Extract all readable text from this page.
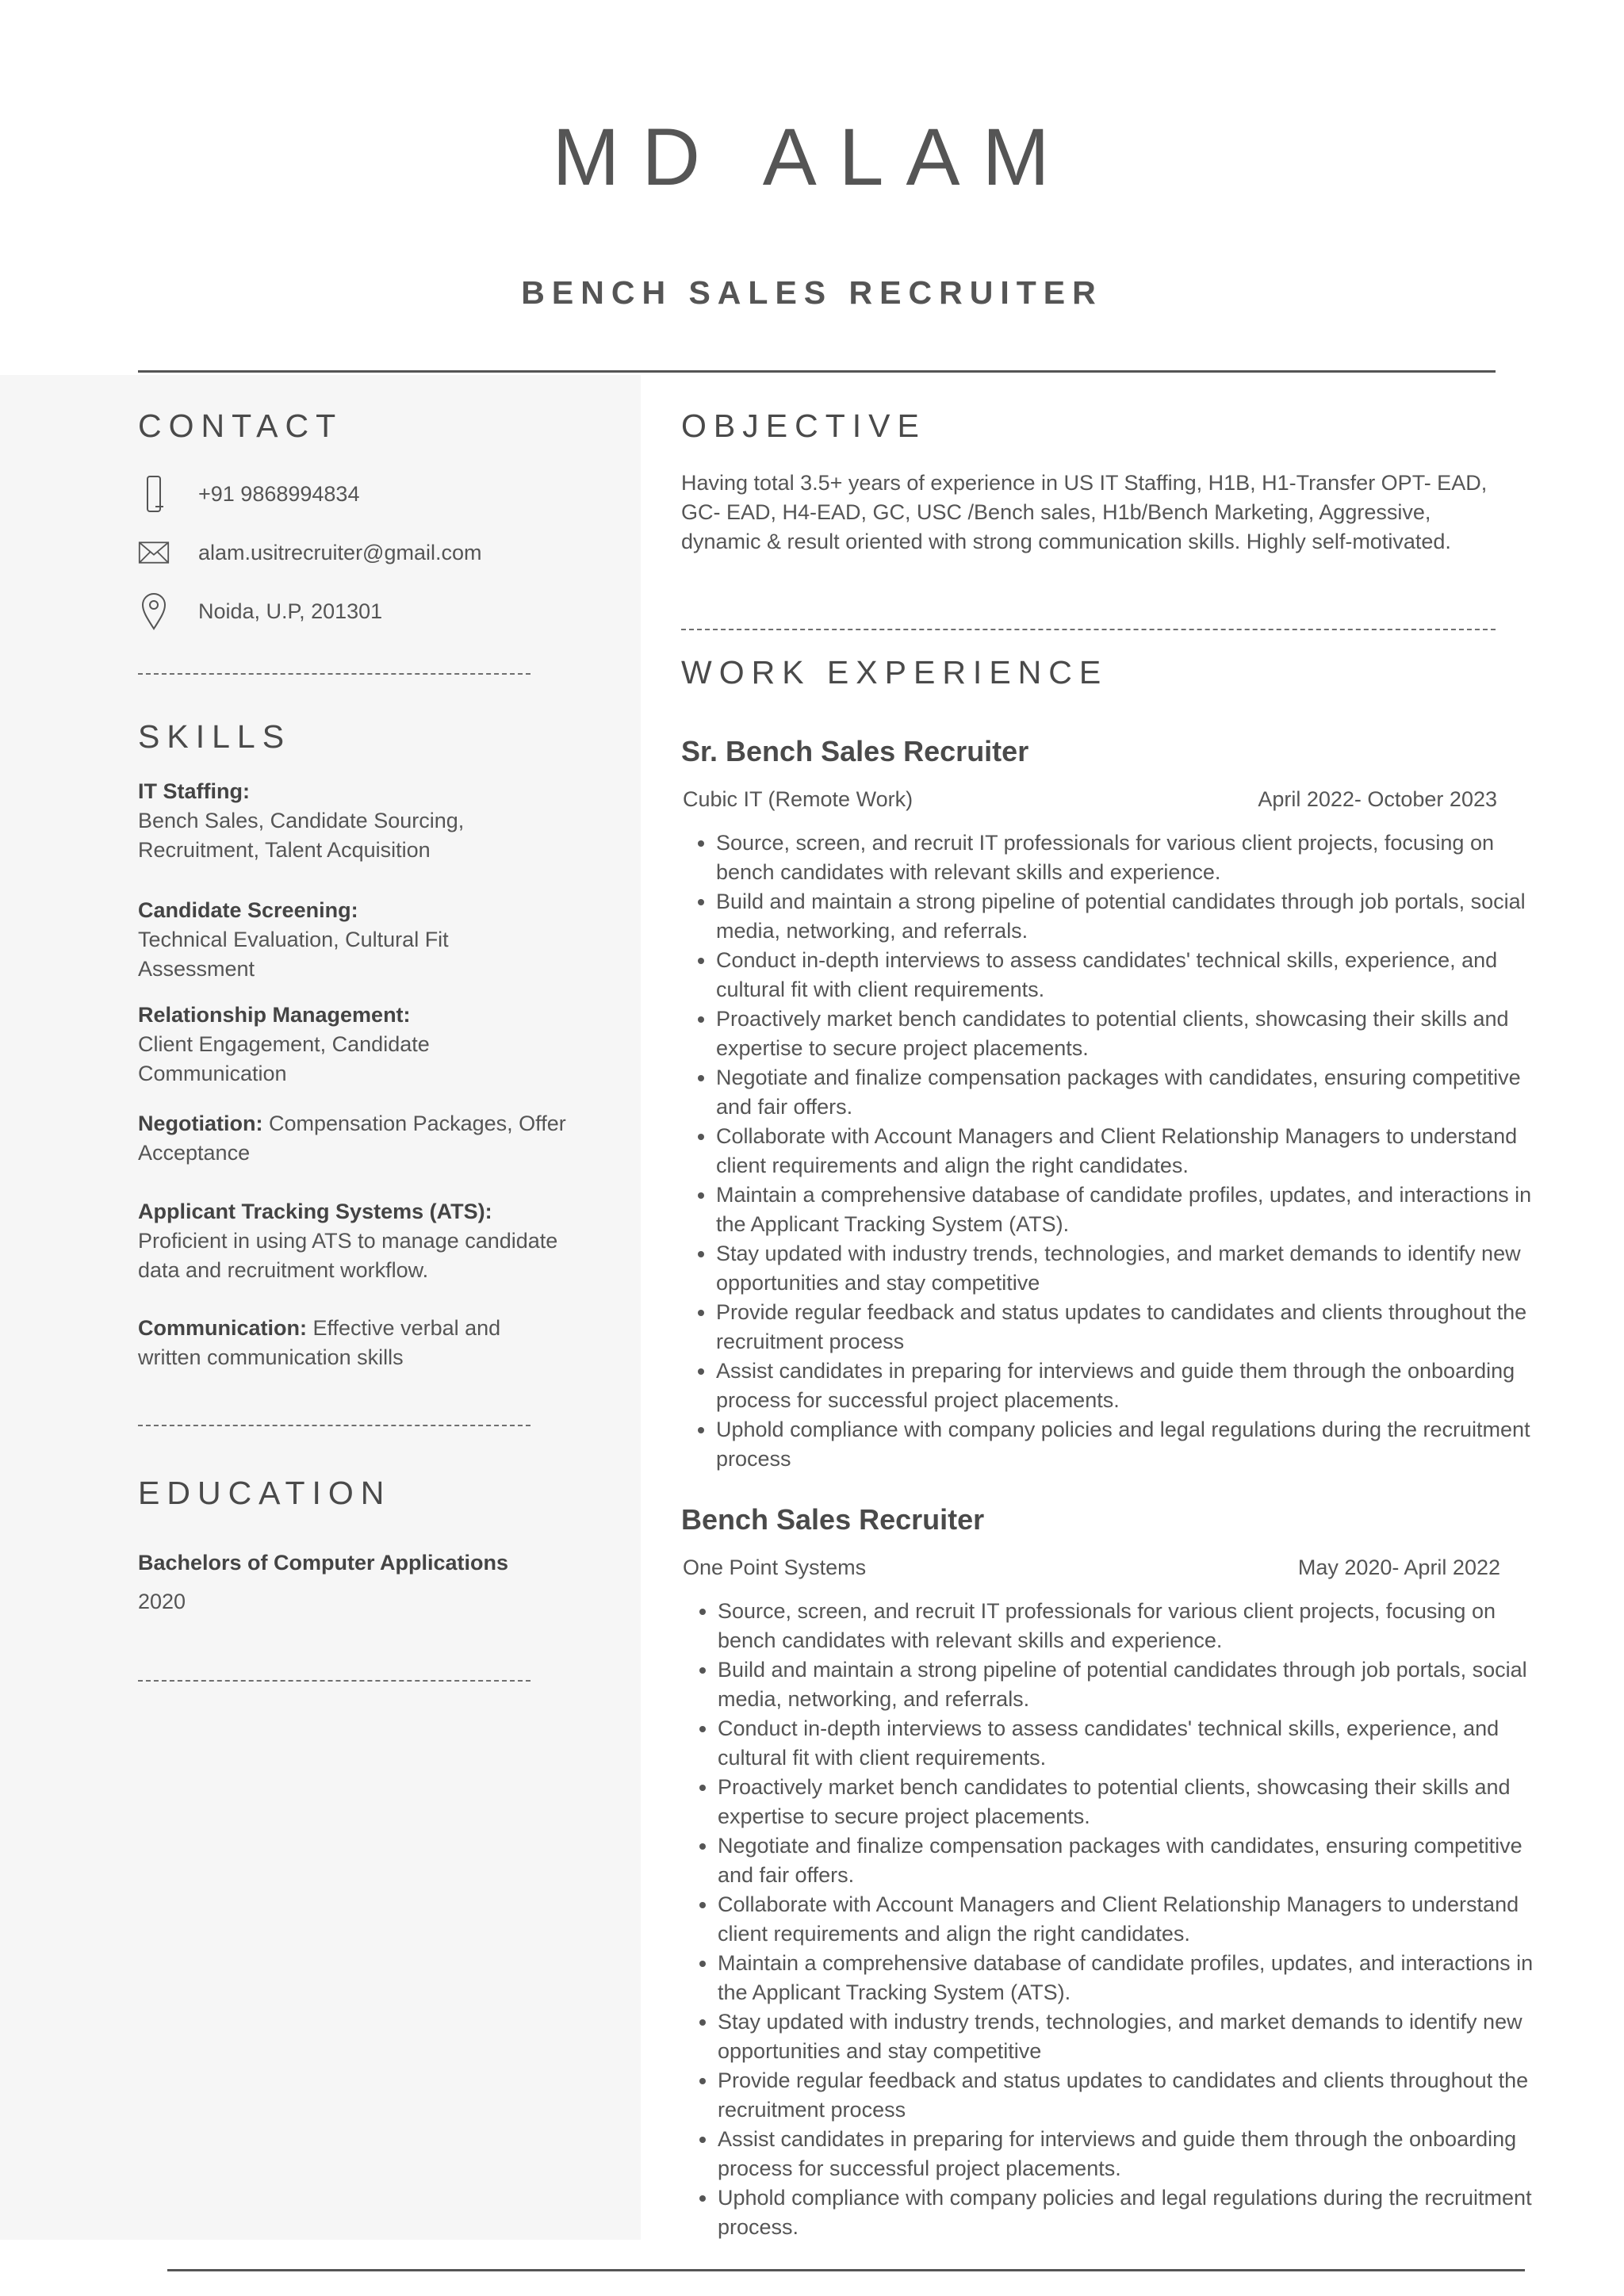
MD ALAM
BENCH SALES RECRUITER
CONTACT
+91 9868994834
alam.usitrecruiter@gmail.com
Noida, U.P, 201301
SKILLS
IT Staffing:
Bench Sales, Candidate Sourcing, Recruitment, Talent Acquisition
Candidate Screening:
Technical Evaluation, Cultural Fit Assessment
Relationship Management:
Client Engagement, Candidate Communication
Negotiation: Compensation Packages, Offer Acceptance
Applicant Tracking Systems (ATS):
Proficient in using ATS to manage candidate data and recruitment workflow.
Communication: Effective verbal and written communication skills
EDUCATION
Bachelors of Computer Applications
2020
OBJECTIVE

Having total 3.5+ years of experience in US IT Staffing, H1B, H1-Transfer OPT- EAD, GC- EAD, H4-EAD, GC, USC /Bench sales, H1b/Bench Marketing, Aggressive, dynamic & result oriented with strong communication skills. Highly self-motivated.

WORK EXPERIENCE
Sr. Bench Sales Recruiter
Cubic IT (Remote Work)	April 2022- October 2023
• Source, screen, and recruit IT professionals for various client projects, focusing on bench candidates with relevant skills and experience.
• Build and maintain a strong pipeline of potential candidates through job portals, social media, networking, and referrals.
• Conduct in-depth interviews to assess candidates' technical skills, experience, and cultural fit with client requirements.
• Proactively market bench candidates to potential clients, showcasing their skills and expertise to secure project placements.
• Negotiate and finalize compensation packages with candidates, ensuring competitive and fair offers.
• Collaborate with Account Managers and Client Relationship Managers to understand client requirements and align the right candidates.
• Maintain a comprehensive database of candidate profiles, updates, and interactions in the Applicant Tracking System (ATS).
• Stay updated with industry trends, technologies, and market demands to identify new opportunities and stay competitive
• Provide regular feedback and status updates to candidates and clients throughout the recruitment process
• Assist candidates in preparing for interviews and guide them through the onboarding process for successful project placements.
• Uphold compliance with company policies and legal regulations during the recruitment process
Bench Sales Recruiter
One Point Systems	May 2020- April 2022
• Source, screen, and recruit IT professionals for various client projects, focusing on bench candidates with relevant skills and experience.
• Build and maintain a strong pipeline of potential candidates through job portals, social media, networking, and referrals.
• Conduct in-depth interviews to assess candidates' technical skills, experience, and cultural fit with client requirements.
• Proactively market bench candidates to potential clients, showcasing their skills and expertise to secure project placements.
• Negotiate and finalize compensation packages with candidates, ensuring competitive and fair offers.
• Collaborate with Account Managers and Client Relationship Managers to understand client requirements and align the right candidates.
• Maintain a comprehensive database of candidate profiles, updates, and interactions in the Applicant Tracking System (ATS).
• Stay updated with industry trends, technologies, and market demands to identify new opportunities and stay competitive
• Provide regular feedback and status updates to candidates and clients throughout the recruitment process
• Assist candidates in preparing for interviews and guide them through the onboarding process for successful project placements.
• Uphold compliance with company policies and legal regulations during the recruitment process.
